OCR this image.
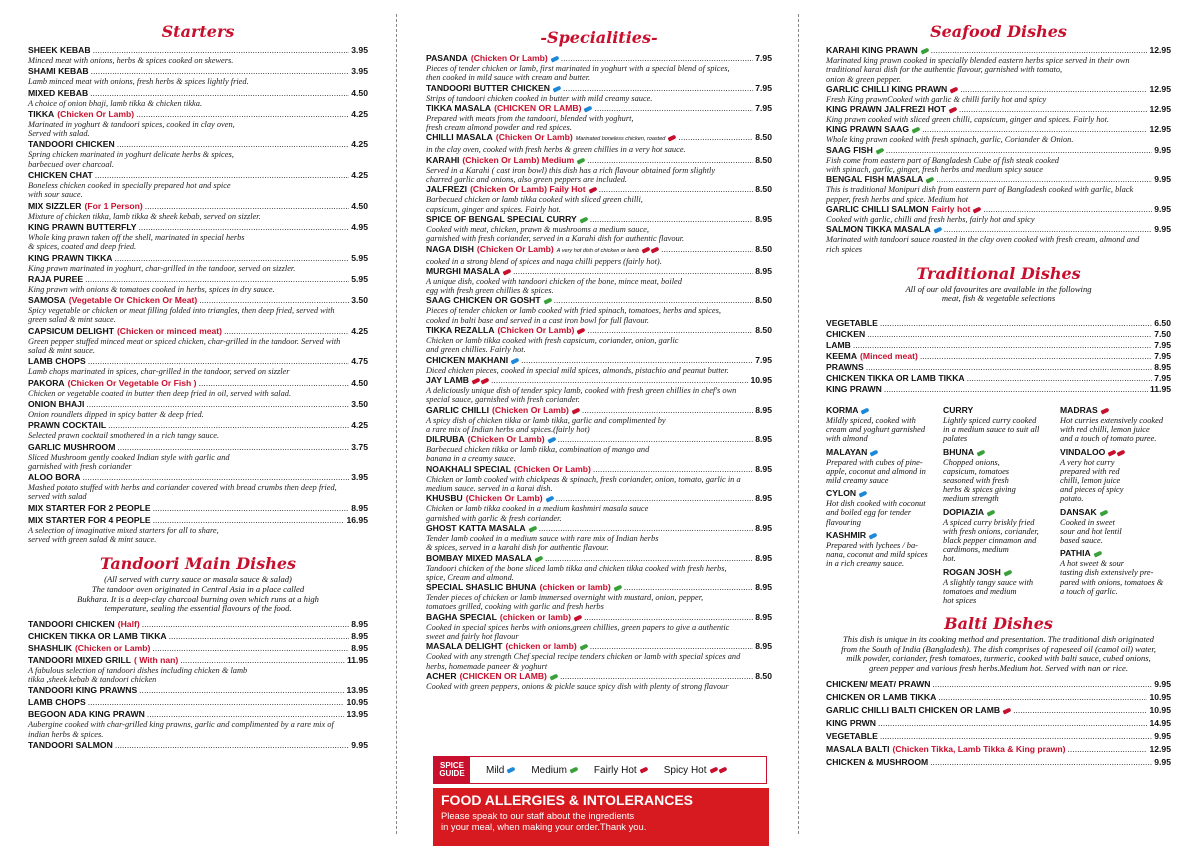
Starters
SHEEK KEBAB .....	3.95
Minced meat with onions, herbs & spices cooked on skewers.
SHAMI KEBAB .....	3.95
Lamb minced meat with onions, fresh herbs & spices lightly fried.
MIXED KEBAB .....	4.50
A choice of onion bhaji, lamb tikka & chicken tikka.
TIKKA (Chicken Or Lamb) .....	4.25
Marinated in yoghurt & tandoori spices, cooked in clay oven,
Served with salad.
TANDOORI CHICKEN .....	4.25
Spring chicken marinated in yoghurt delicate herbs & spices,
barbecued over charcoal.
CHICKEN CHAT .....	4.25
Boneless chicken cooked in specially prepared hot and spice
with sour sauce.
MIX SIZZLER (For 1 Person) .....	4.50
Mixture of chicken tikka, lamb tikka & sheek kebab, served on sizzler.
KING PRAWN BUTTERFLY .....	4.95
Whole king prawn taken off the shell, marinated in special herbs
& spices, coated and deep fried.
KING PRAWN TIKKA .....	5.95
King prawn marinated in yoghurt, char-grilled in the tandoor, served on sizzler.
RAJA PUREE .....	5.95
King prawn with onions & tomatoes cooked in herbs, spices in dry sauce.
SAMOSA (Vegetable Or Chicken Or Meat) .....	3.50
Spicy vegetable or chicken or meat filling folded into triangles, then deep fried, served with
green salad & mint sauce.
CAPSICUM DELIGHT (Chicken or minced meat) .....	4.25
Green pepper stuffed minced meat or spiced chicken, char-grilled in the tandoor. Served with
salad & mint sauce.
LAMB CHOPS .....	4.75
Lamb chops marinated in spices, char-grilled in the tandoor, served on sizzler
PAKORA (Chicken Or Vegetable Or Fish ) .....	4.50
Chicken or vegetable coated in butter then deep fried in oil, served with salad.
ONION BHAJI .....	3.50
Onion roundlets dipped in spicy batter & deep fried.
PRAWN COCKTAIL .....	4.25
Selected prawn cocktail smothered in a rich tangy sauce.
GARLIC MUSHROOM .....	3.75
Sliced Mushroom gently cooked Indian style with garlic and
garnished with fresh coriander
ALOO BORA .....	3.95
Mashed potato stuffed with herbs and coriander covered with bread crumbs then deep fried,
served with salad
MIX STARTER FOR 2 PEOPLE .....	8.95
MIX STARTER FOR 4 PEOPLE .....	16.95
A selection of imaginative mixed starters for all to share,
served with green salad & mint sauce.
Tandoori Main Dishes
(All served with curry sauce or masala sauce & salad)
The tandoor oven originated in Central Asia in a place called
Bukhara. It is a deep-clay charcoal burning oven which runs at a high
temperature, sealing the essential flavours of the food.
TANDOORI CHICKEN (Half) .....	8.95
CHICKEN TIKKA OR LAMB TIKKA .....	8.95
SHASHLIK (Chicken or Lamb) .....	8.95
TANDOORI MIXED GRILL ( With nan) .....	11.95
A fabulous selection of tandoori dishes including chicken & lamb
tikka ,sheek kebab & tandoori chicken
TANDOORI KING PRAWNS .....	13.95
LAMB CHOPS .....	10.95
BEGOON ADA KING PRAWN .....	13.95
Aubergine cooked with char-grilled king prawns, garlic and complimented by a rare mix of
indian herbs & spices.
TANDOORI SALMON .....	9.95
-Specialities-
PASANDA (Chicken Or Lamb) .....	7.95
Pieces of tender chicken or lamb, first marinated in yoghurt with a special blend of spices,
then cooked in mild sauce with cream and butter.
TANDOORI BUTTER CHICKEN .....	7.95
Strips of tandoori chicken cooked in butter with mild creamy sauce.
TIKKA MASALA (CHICKEN OR LAMB) .....	7.95
Prepared with meats from the tandoori, blended with yoghurt,
fresh cream almond powder and red spices.
CHILLI MASALA (Chicken Or Lamb) Marinated boneless chicken, roasted .....	8.50
in the clay oven, cooked with fresh herbs & green chillies in a very hot sauce.
KARAHI (Chicken Or Lamb) Medium .....	8.50
Served in a Karahi ( cast iron bowl) this dish has a rich flavour obtained form slightly
charred garlic and onions, also green peppers are included.
JALFREZI (Chicken Or Lamb) Faily Hot .....	8.50
Barbecued chicken or lamb tikka cooked with sliced green chilli,
capsicum, ginger and spices. Fairly hot.
SPICE OF BENGAL SPECIAL CURRY .....	8.95
Cooked with meat, chicken, prawn & mushrooms a medium sauce,
garnished with fresh coriander, served in a Karahi dish for authentic flavour.
NAGA DISH (Chicken Or Lamb) A very hot dish of chicken or lamb .....	8.50
cooked in a strong blend of spices and naga chilli peppers (fairly hot).
MURGHI MASALA .....	8.95
A unique dish, cooked with tandoori chicken of the bone, mince meat, boiled
egg with fresh green chillies & spices.
SAAG CHICKEN OR GOSHT .....	8.50
Pieces of tender chicken or lamb cooked with fried spinach, tomatoes, herbs and spices,
cooked in balti base and served in a cast iron bowl for full flavour.
TIKKA REZALLA (Chicken Or Lamb) .....	8.50
Chicken or lamb tikka cooked with fresh capsicum, coriander, onion, garlic
and green chillies. Fairly hot.
CHICKEN MAKHANI .....	7.95
Diced chicken pieces, cooked in special mild spices, almonds, pistachio and peanut butter.
JAY LAMB .....	10.95
A deliciously unique dish of tender spicy lamb, cooked with fresh green chillies in chef's own
special sauce, garnished with fresh coriander.
GARLIC CHILLI (Chicken Or Lamb) .....	8.95
A spicy dish of chicken tikka or lamb tikka, garlic and complimented by
a rare mix of Indian herbs and spices.(fairly hot)
DILRUBA (Chicken Or Lamb) .....	8.95
Barbecued chicken tikka or lamb tikka, combination of mango and
banana in a creamy sauce.
NOAKHALI SPECIAL (Chicken Or Lamb) .....	8.95
Chicken or lamb cooked with chickpeas & spinach, fresh coriander, onion, tomato, garlic in a
medium sauce. served in a karai dish.
KHUSBU (Chicken Or Lamb) .....	8.95
Chicken or lamb tikka cooked in a medium kashmiri masala sauce
garnished with garlic & fresh coriander.
GHOST KATTA MASALA .....	8.95
Tender lamb cooked in a medium sauce with rare mix of Indian herbs
& spices, served in a karahi dish for authentic flavour.
BOMBAY MIXED MASALA .....	8.95
Tandoori chicken of the bone sliced lamb tikka and chicken tikka cooked with fresh herbs,
spice, Cream and almond.
SPECIAL SHASLIC BHUNA (chicken or lamb) .....	8.95
Tender pieces of chicken or lamb immersed overnight with mustard, onion, pepper,
tomatoes grilled, cooking with garlic and fresh herbs
BAGHA SPECIAL (chicken or lamb) .....	8.95
Cooked in special spices herbs with onions,green chillies, green papers to give a authentic
sweet and fairly hot flavour
MASALA DELIGHT (chicken or lamb) .....	8.95
Cooked with any strength Chef special recipe tenders chicken or lamb with special spices and
herbs, homemade paneer & yoghurt
ACHER (CHICKEN OR LAMB) .....	8.50
Cooked with green peppers, onions & pickle sauce spicy dish with plenty of strong flavour
SPICE GUIDE	Mild	Medium	Fairly Hot	Spicy Hot
FOOD ALLERGIES & INTOLERANCES
Please speak to our staff about the ingredients
in your meal, when making your order.Thank you.
Seafood Dishes
KARAHI KING PRAWN .....	12.95
Marinated king prawn cooked in specially blended eastern herbs spice served in their own
traditional karai dish for the authentic flavour, garnished with tomato,
onion & green pepper.
GARLIC CHILLI KING PRAWN .....	12.95
Fresh King prawnCooked with garlic & chilli farily hot and spicy
KING PRAWN JALFREZI HOT .....	12.95
King prawn cooked with sliced green chilli, capsicum, ginger and spices. Fairly hot.
KING PRAWN SAAG .....	12.95
Whole king prawn cooked with fresh spinach, garlic, Coriander & Onion.
SAAG FISH .....	9.95
Fish come from eastern part of Bangladesh Cube of fish steak cooked
with spinach, garlic, ginger, fresh herbs and medium spicy sauce
BENGAL FISH MASALA .....	9.95
This is traditional Monipuri dish from eastern part of Bangladesh cooked with garlic, black
pepper, fresh herbs and spice. Medium hot
GARLIC CHILLI SALMON Fairly hot .....	9.95
Cooked with garlic, chilli and fresh herbs, fairly hot and spicy
SALMON TIKKA MASALA .....	9.95
Marinated with tandoori sauce roasted in the clay oven cooked with fresh cream, almond and
rich spices
Traditional Dishes
All of our old favourites are available in the following
meat, fish & vegetable selections
VEGETABLE .....	6.50
CHICKEN .....	7.50
LAMB .....	7.95
KEEMA (Minced meat) .....	7.95
PRAWNS .....	8.95
CHICKEN TIKKA OR LAMB TIKKA .....	7.95
KING PRAWN .....	11.95
KORMA
Mildly spiced, cooked with
cream and yoghurt garnished
with almond
MALAYAN
Prepared with cubes of pine-
apple, coconut and almond in
mild creamy sauce
CYLON
Hot dish cooked with coconut
and boiled egg for tender
flavouring
KASHMIR
Prepared with lychees / ba-
nana, coconut and mild spices
in a rich creamy sauce.
CURRY
Lightly spiced curry cooked
in a medium sauce to suit all
palates
BHUNA
Chopped onions,
capsicum, tomatoes
seasoned with fresh
herbs & spices giving
medium strength
DOPIAZIA
A spiced curry briskly fried
with fresh onions, coriander,
black pepper cinnamon and
cardimons, medium
hot.
ROGAN JOSH
A slightly tangy sauce with
tomatoes and medium
hot spices
MADRAS
Hot curries extensively cooked
with red chilli, lemon juice
and a touch of tomato puree.
VINDALOO
A very hot curry
prepared with red
chilli, lemon juice
and pieces of spicy
potato.
DANSAK
Cooked in sweet
sour and hot lentil
based sauce.
PATHIA
A hot sweet & sour
tasting dish extensively pre-
pared with onions, tomatoes &
a touch of garlic.
Balti Dishes
This dish is unique in its cooking method and presentation. The traditional dish originated
from the South of India (Bangladesh). The dish comprises of rapeseed oil (camol oil) water,
milk powder, coriander, fresh tomatoes, turmeric, cooked with balti sauce, cubed onions,
green pepper and various fresh herbs.Medium hot. Served with nan or rice.
CHICKEN/ MEAT/ PRAWN .....	9.95
CHICKEN OR LAMB TIKKA .....	10.95
GARLIC CHILLI BALTI CHICKEN OR LAMB .....	10.95
KING PRWN .....	14.95
VEGETABLE .....	9.95
MASALA BALTI (Chicken Tikka, Lamb Tikka & King prawn) .....	12.95
CHICKEN & MUSHROOM .....	9.95
